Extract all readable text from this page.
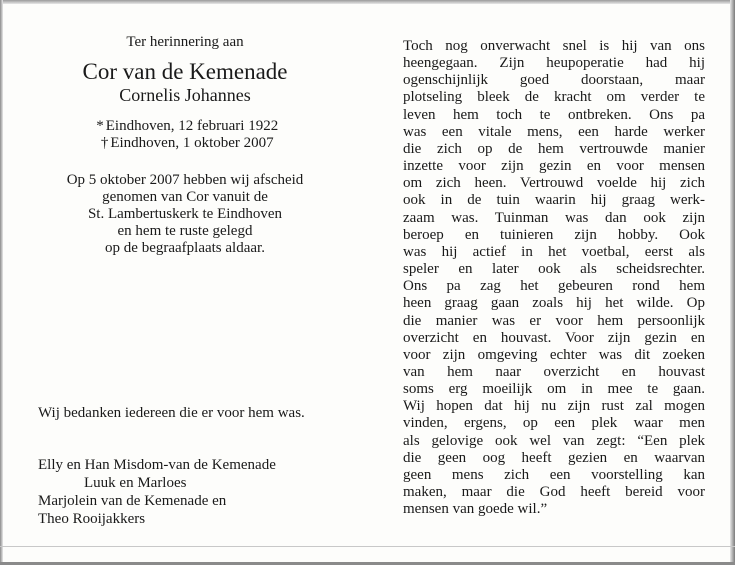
Ter herinnering aan
Cor van de Kemenade
Cornelis Johannes
* Eindhoven, 12 februari 1922
† Eindhoven, 1 oktober 2007
Op 5 oktober 2007 hebben wij afscheid
genomen van Cor vanuit de
St. Lambertuskerk te Eindhoven
en hem te ruste gelegd
op de begraafplaats aldaar.
Wij bedanken iedereen die er voor hem was.
Elly en Han Misdom-van de Kemenade
Luuk en Marloes
Marjolein van de Kemenade en
Theo Rooijakkers
Toch nog onverwacht snel is hij van ons
heengegaan. Zijn heupoperatie had hij
ogenschijnlijk goed doorstaan, maar
plotseling bleek de kracht om verder te
leven hem toch te ontbreken. Ons pa
was een vitale mens, een harde werker
die zich op de hem vertrouwde manier
inzette voor zijn gezin en voor mensen
om zich heen. Vertrouwd voelde hij zich
ook in de tuin waarin hij graag werk-
zaam was. Tuinman was dan ook zijn
beroep en tuinieren zijn hobby. Ook
was hij actief in het voetbal, eerst als
speler en later ook als scheidsrechter.
Ons pa zag het gebeuren rond hem
heen graag gaan zoals hij het wilde. Op
die manier was er voor hem persoonlijk
overzicht en houvast. Voor zijn gezin en
voor zijn omgeving echter was dit zoeken
van hem naar overzicht en houvast
soms erg moeilijk om in mee te gaan.
Wij hopen dat hij nu zijn rust zal mogen
vinden, ergens, op een plek waar men
als gelovige ook wel van zegt: “Een plek
die geen oog heeft gezien en waarvan
geen mens zich een voorstelling kan
maken, maar die God heeft bereid voor
mensen van goede wil.”
